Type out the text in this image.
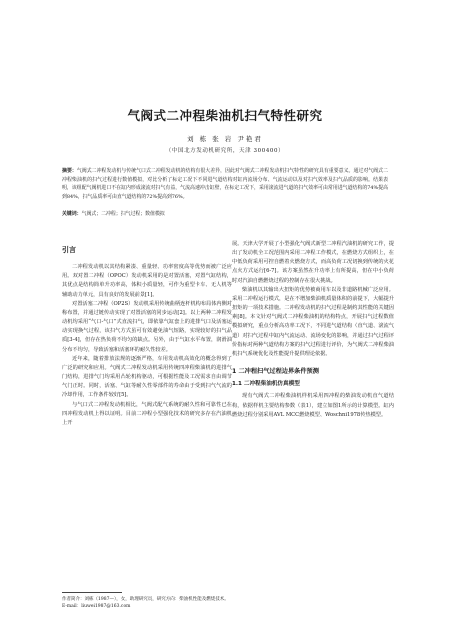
气阀式二冲程柴油机扫气特性研究
刘 栋 张 岩 尹艳君
（中国北方发动机研究所，天津 300400）
摘要：气阀式二冲程发动机与传统气口式二冲程发动机的结构有很大差异，因此对气阀式二冲程发动机扫气特性的研究具有重要意义。通过对气阀式二冲程柴油机的扫气过程进行数值模拟，对比分析了标定工况下不同进气道结构对缸内流场分布、气流运动以及对扫气效率及扫气品质的影响。结果表明，该组配气阀机进口不在缸内形成滚流对扫气有益，气流高速冲击缸壁，在标定工况下，采用滚流进气道的扫气效率可由常用进气道结构的74%提高到84%，扫气品质率可由直气道结构的72%提高到76%。
关键词：气阀式；二冲程；扫气过程；数值模拟
引言

二冲程发动机以其结构紧凑、重量轻、功率密度高等优势而被广泛应用。双对置二冲程（OPOC）发动机采用的是对置活塞，对置气缸结构，其优点是结构简单升功率高，体积小质量轻，可作为重型卡车、无人机等辅助动力单元，具有良好的发展前景[1]。

对置活塞二冲程（OP2S）发动机采用传统曲柄连杆机构布局体内侧对称布置，并通过链传动实现了对置活塞的同步运动[2]。以上两种二冲程发动机均采用“气口-气口”式直流扫气，即依靠气缸套上的进排气口及活塞运动实现换气过程，该扫气方式虽可有效避免油气短路，实现较好的扫气品质[3-4]，但存在热负荷不均匀的缺点。另外，由于气缸水平布置，润滑油分布不均匀，导致活塞和活塞环的耐久性较差。

近年来，随着排放法规的逐渐严格，车用发动机高效化的概念得到了广泛的研究和应用。气阀式二冲程发动机采用传统四冲程柴油机的进排气门结构，进排气门均采用凸轮机构驱动，可根据性能及工况需求自由调节气门正时。同时，活塞、气缸等耐久性零部件的寿命由于受到扫气气流的冷却作用，工作条件较好[5]。

与气口式二冲程发动机相比，气阀式配气系统的耐久性和可靠性已在四冲程发动机上得以证明。目前二冲程小型强化技术的研究多存在汽油机上开

展。天津大学开展了小型强化气阀式新型二冲程汽油机的研究工作，提出了发动机全工况范围内采用二冲程工作模式，在燃烧方式组织上，在中低负荷采用可控自燃着火燃烧方式，而高负荷工况切换到传统的火花点火方式运行[6-7]。该方案虽然在升功率上有所提高，但在中小负荷时对汽油自燃燃烧过程的控制存在很大挑战。

柴油机以其输出大扭矩的优势被商用车以及非道路机械广泛应用。采用二冲程运行模式，是在不增加柴油机质量体积的前提下，大幅提升扭矩的一项技术措施。二冲程发动机的扫气过程是制约其性能的关键因素[8]。本文针对气阀式二冲程柴油机的结构特点，开展扫气过程数值模拟研究，重点分析高功率工况下，不同进气道结构（直气道、滚流气道）对扫气过程中缸内气流运动、流场变化的影响，并通过扫气过程评价指标对两种气道结构方案的扫气过程进行评价，为气阀式二冲程柴油机扫气系统优化及性能提升提供理论依据。

1 二冲程扫气过程边界条件预测
1.1 二冲程柴油机仿真模型

现有气阀式二冲程柴油机样机采用四冲程的柴油发动机直气道结构，依据样机主要结构参数（表1），建立如图1所示的计算模型。缸内燃烧过程分别采用AVL MCC燃烧模型、Woschni1978传热模型。

作者简介：刘栋（1987—），女，助理研究员，研究方向：柴油机性能及燃烧技术。
E-mail：liuwei1987@163.com
